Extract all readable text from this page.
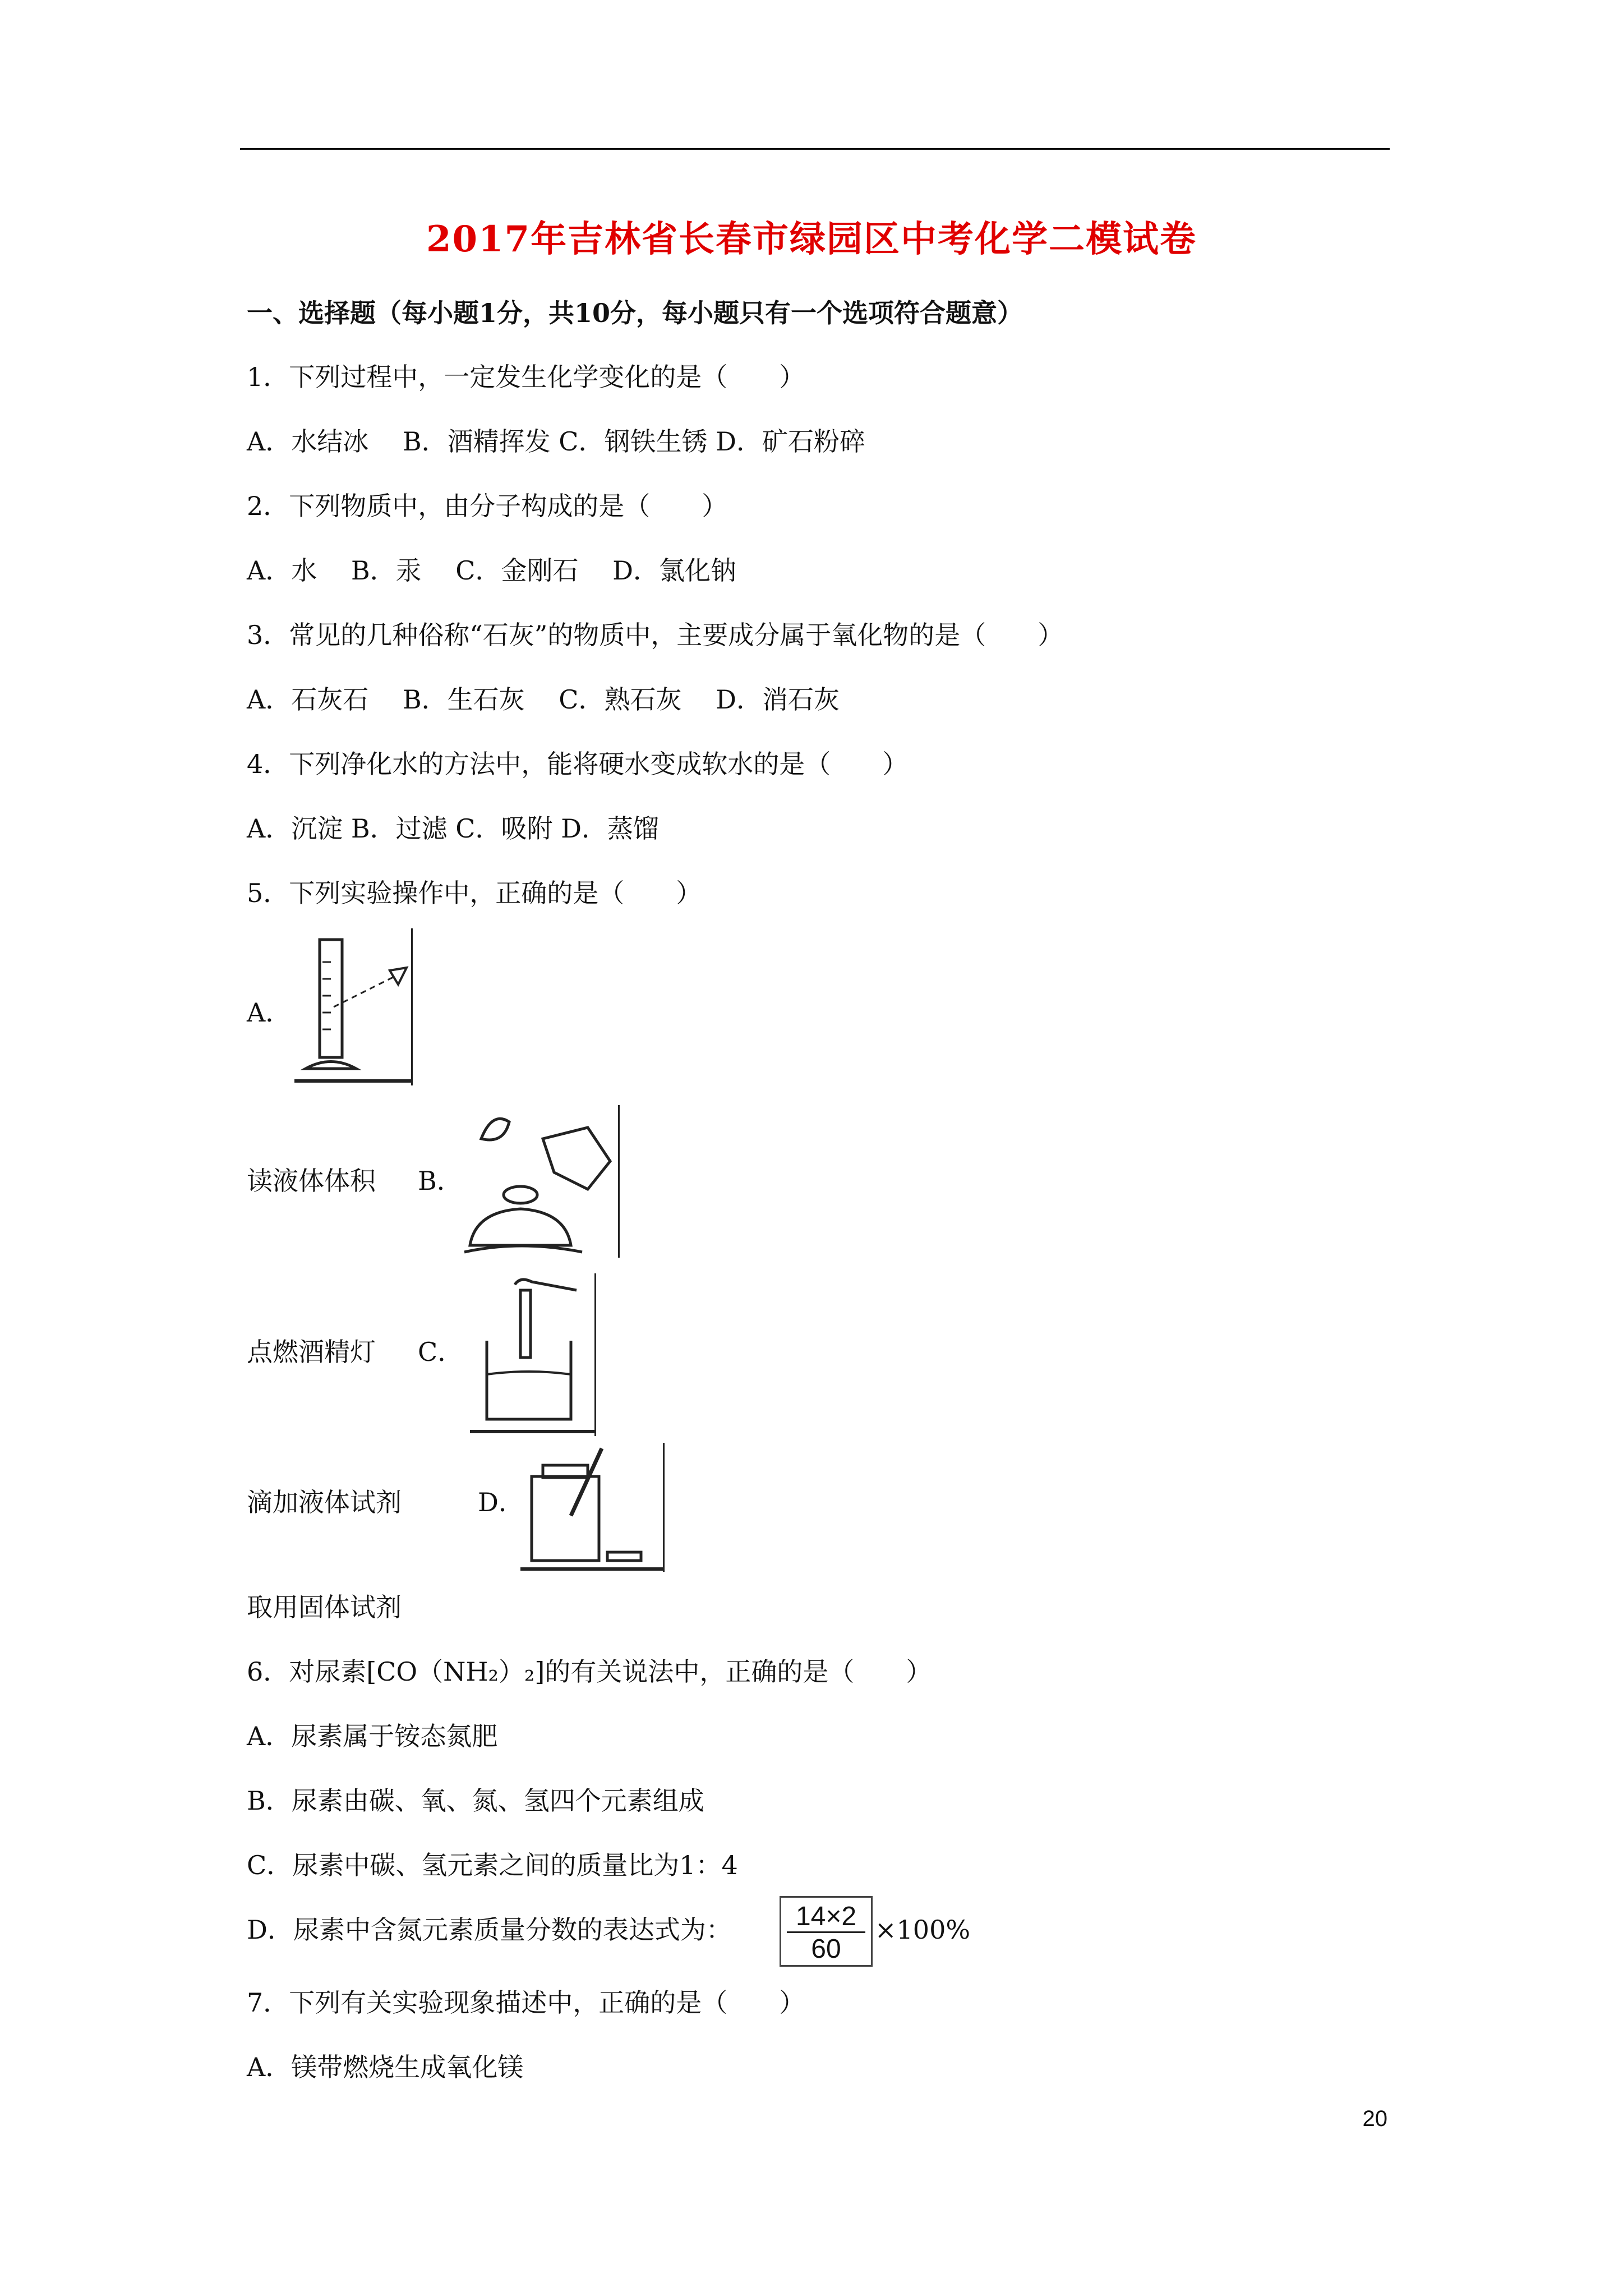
2017年吉林省长春市绿园区中考化学二模试卷
一、选择题（每小题1分，共10分，每小题只有一个选项符合题意）
1．下列过程中，一定发生化学变化的是（　　）
A．水结冰　 B．酒精挥发 C．钢铁生锈 D．矿石粉碎
2．下列物质中，由分子构成的是（　　）
A．水　 B．汞　 C．金刚石　 D．氯化钠
3．常见的几种俗称“石灰”的物质中，主要成分属于氧化物的是（　　）
A．石灰石　 B．生石灰　 C．熟石灰　 D．消石灰
4．下列净化水的方法中，能将硬水变成软水的是（　　）
A．沉淀 B．过滤 C．吸附 D．蒸馏
5．下列实验操作中，正确的是（　　）
A．
读液体体积 B．
点燃酒精灯 C．
滴加液体试剂	D．
取用固体试剂
6．对尿素[CO（NH₂）₂]的有关说法中，正确的是（　　）
A．尿素属于铵态氮肥
B．尿素由碳、氧、氮、氢四个元素组成
C．尿素中碳、氢元素之间的质量比为1：4
D．尿素中含氮元素质量分数的表达式为：	14×2
60
×100%
7．下列有关实验现象描述中，正确的是（　　）
A．镁带燃烧生成氧化镁
20
